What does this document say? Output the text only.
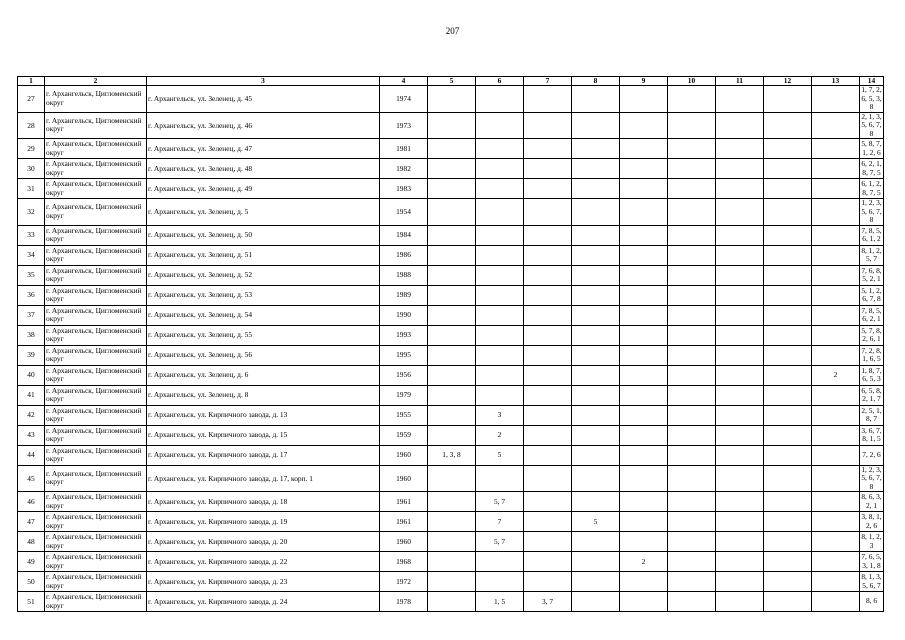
207
1	2	3	4	5	6	7	8	9	10	11	12	13	14
27	г. Архангельск, Цигломенский округ	г. Архангельск, ул. Зеленец, д. 45	1974										1, 7, 2, 6, 5, 3, 8
28	г. Архангельск, Цигломенский округ	г. Архангельск, ул. Зеленец, д. 46	1973										2, 1, 3, 5, 6, 7, 8
29	г. Архангельск, Цигломенский округ	г. Архангельск, ул. Зеленец, д. 47	1981										5, 8, 7, 1, 2, 6
30	г. Архангельск, Цигломенский округ	г. Архангельск, ул. Зеленец, д. 48	1982										6, 2, 1, 8, 7, 5
31	г. Архангельск, Цигломенский округ	г. Архангельск, ул. Зеленец, д. 49	1983										6, 1, 2, 8, 7, 5
32	г. Архангельск, Цигломенский округ	г. Архангельск, ул. Зеленец, д. 5	1954										1, 2, 3, 5, 6, 7, 8
33	г. Архангельск, Цигломенский округ	г. Архангельск, ул. Зеленец, д. 50	1984										7, 8, 5, 6, 1, 2
34	г. Архангельск, Цигломенский округ	г. Архангельск, ул. Зеленец, д. 51	1986										8, 1, 2, 5, 7
35	г. Архангельск, Цигломенский округ	г. Архангельск, ул. Зеленец, д. 52	1988										7, 6, 8, 5, 2, 1
36	г. Архангельск, Цигломенский округ	г. Архангельск, ул. Зеленец, д. 53	1989										5, 1, 2, 6, 7, 8
37	г. Архангельск, Цигломенский округ	г. Архангельск, ул. Зеленец, д. 54	1990										7, 8, 5, 6, 2, 1
38	г. Архангельск, Цигломенский округ	г. Архангельск, ул. Зеленец, д. 55	1993										5, 7, 8, 2, 6, 1
39	г. Архангельск, Цигломенский округ	г. Архангельск, ул. Зеленец, д. 56	1995										7, 2, 8, 1, 6, 5
40	г. Архангельск, Цигломенский округ	г. Архангельск, ул. Зеленец, д. 6	1956									2	1, 8, 7, 6, 5, 3
41	г. Архангельск, Цигломенский округ	г. Архангельск, ул. Зеленец, д. 8	1979										6, 5, 8, 2, 1, 7
42	г. Архангельск, Цигломенский округ	г. Архангельск, ул. Кирпичного завода, д. 13	1955		3								2, 5, 1, 8, 7
43	г. Архангельск, Цигломенский округ	г. Архангельск, ул. Кирпичного завода, д. 15	1959		2								3, 6, 7, 8, 1, 5
44	г. Архангельск, Цигломенский округ	г. Архангельск, ул. Кирпичного завода, д. 17	1960	1, 3, 8	5								7, 2, 6
45	г. Архангельск, Цигломенский округ	г. Архангельск, ул. Кирпичного завода, д. 17, корп. 1	1960										1, 2, 3, 5, 6, 7, 8
46	г. Архангельск, Цигломенский округ	г. Архангельск, ул. Кирпичного завода, д. 18	1961		5, 7								8, 6, 3, 2, 1
47	г. Архангельск, Цигломенский округ	г. Архангельск, ул. Кирпичного завода, д. 19	1961		7		5						3, 8, 1, 2, 6
48	г. Архангельск, Цигломенский округ	г. Архангельск, ул. Кирпичного завода, д. 20	1960		5, 7								8, 1, 2, 3
49	г. Архангельск, Цигломенский округ	г. Архангельск, ул. Кирпичного завода, д. 22	1968					2					7, 6, 5, 3, 1, 8
50	г. Архангельск, Цигломенский округ	г. Архангельск, ул. Кирпичного завода, д. 23	1972										8, 1, 3, 5, 6, 7
51	г. Архангельск, Цигломенский округ	г. Архангельск, ул. Кирпичного завода, д. 24	1978		1, 5	3, 7							8, 6
